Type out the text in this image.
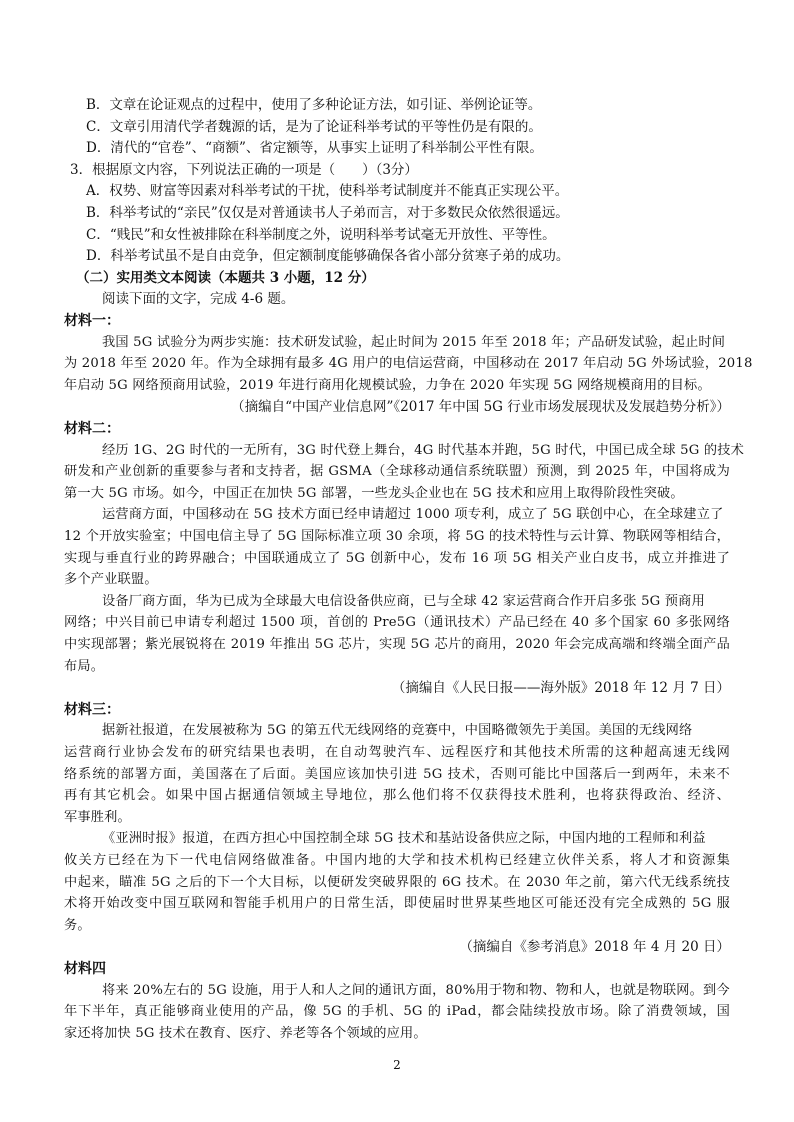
B．文章在论证观点的过程中，使用了多种论证方法，如引证、举例论证等。
C．文章引用清代学者魏源的话，是为了论证科举考试的平等性仍是有限的。
D．清代的“官卷”、“商额”、省定额等，从事实上证明了科举制公平性有限。
3．根据原文内容，下列说法正确的一项是（　　）（3分）
A．权势、财富等因素对科举考试的干扰，使科举考试制度并不能真正实现公平。
B．科举考试的“亲民”仅仅是对普通读书人子弟而言，对于多数民众依然很遥远。
C．“贱民”和女性被排除在科举制度之外，说明科举考试毫无开放性、平等性。
D．科举考试虽不是自由竞争，但定额制度能够确保各省小部分贫寒子弟的成功。
（二）实用类文本阅读（本题共 3 小题，12 分）
阅读下面的文字，完成 4-6 题。
材料一：
我国 5G 试验分为两步实施：技术研发试验，起止时间为 2015 年至 2018 年；产品研发试验，起止时间
为 2018 年至 2020 年。作为全球拥有最多 4G 用户的电信运营商，中国移动在 2017 年启动 5G 外场试验，2018
年启动 5G 网络预商用试验，2019 年进行商用化规模试验，力争在 2020 年实现 5G 网络规模商用的目标。
（摘编自“中国产业信息网”《2017 年中国 5G 行业市场发展现状及发展趋势分析》）
材料二：
经历 1G、2G 时代的一无所有，3G 时代登上舞台，4G 时代基本并跑，5G 时代，中国已成全球 5G 的技术
研发和产业创新的重要参与者和支持者，据 GSMA（全球移动通信系统联盟）预测，到 2025 年，中国将成为
第一大 5G 市场。如今，中国正在加快 5G 部署，一些龙头企业也在 5G 技术和应用上取得阶段性突破。
运营商方面，中国移动在 5G 技术方面已经申请超过 1000 项专利，成立了 5G 联创中心，在全球建立了
12 个开放实验室；中国电信主导了 5G 国际标准立项 30 余项，将 5G 的技术特性与云计算、物联网等相结合，
实现与垂直行业的跨界融合；中国联通成立了 5G 创新中心，发布 16 项 5G 相关产业白皮书，成立并推进了
多个产业联盟。
设备厂商方面，华为已成为全球最大电信设备供应商，已与全球 42 家运营商合作开启多张 5G 预商用
网络；中兴目前已申请专利超过 1500 项，首创的 Pre5G（通讯技术）产品已经在 40 多个国家 60 多张网络
中实现部署；紫光展锐将在 2019 年推出 5G 芯片，实现 5G 芯片的商用，2020 年会完成高端和终端全面产品
布局。
（摘编自《人民日报——海外版》2018 年 12 月 7 日）
材料三：
据新社报道，在发展被称为 5G 的第五代无线网络的竞赛中，中国略微领先于美国。美国的无线网络
运营商行业协会发布的研究结果也表明，在自动驾驶汽车、远程医疗和其他技术所需的这种超高速无线网
络系统的部署方面，美国落在了后面。美国应该加快引进 5G 技术，否则可能比中国落后一到两年，未来不
再有其它机会。如果中国占据通信领域主导地位，那么他们将不仅获得技术胜利，也将获得政治、经济、
军事胜利。
《亚洲时报》报道，在西方担心中国控制全球 5G 技术和基站设备供应之际，中国内地的工程师和利益
攸关方已经在为下一代电信网络做准备。中国内地的大学和技术机构已经建立伙伴关系，将人才和资源集
中起来，瞄准 5G 之后的下一个大目标，以便研发突破界限的 6G 技术。在 2030 年之前，第六代无线系统技
术将开始改变中国互联网和智能手机用户的日常生活，即使届时世界某些地区可能还没有完全成熟的 5G 服
务。
（摘编自《参考消息》2018 年 4 月 20 日）
2
材料四
将来 20%左右的 5G 设施，用于人和人之间的通讯方面，80%用于物和物、物和人，也就是物联网。到今
年下半年，真正能够商业使用的产品，像 5G 的手机、5G 的 iPad，都会陆续投放市场。除了消费领域，国
家还将加快 5G 技术在教育、医疗、养老等各个领域的应用。
